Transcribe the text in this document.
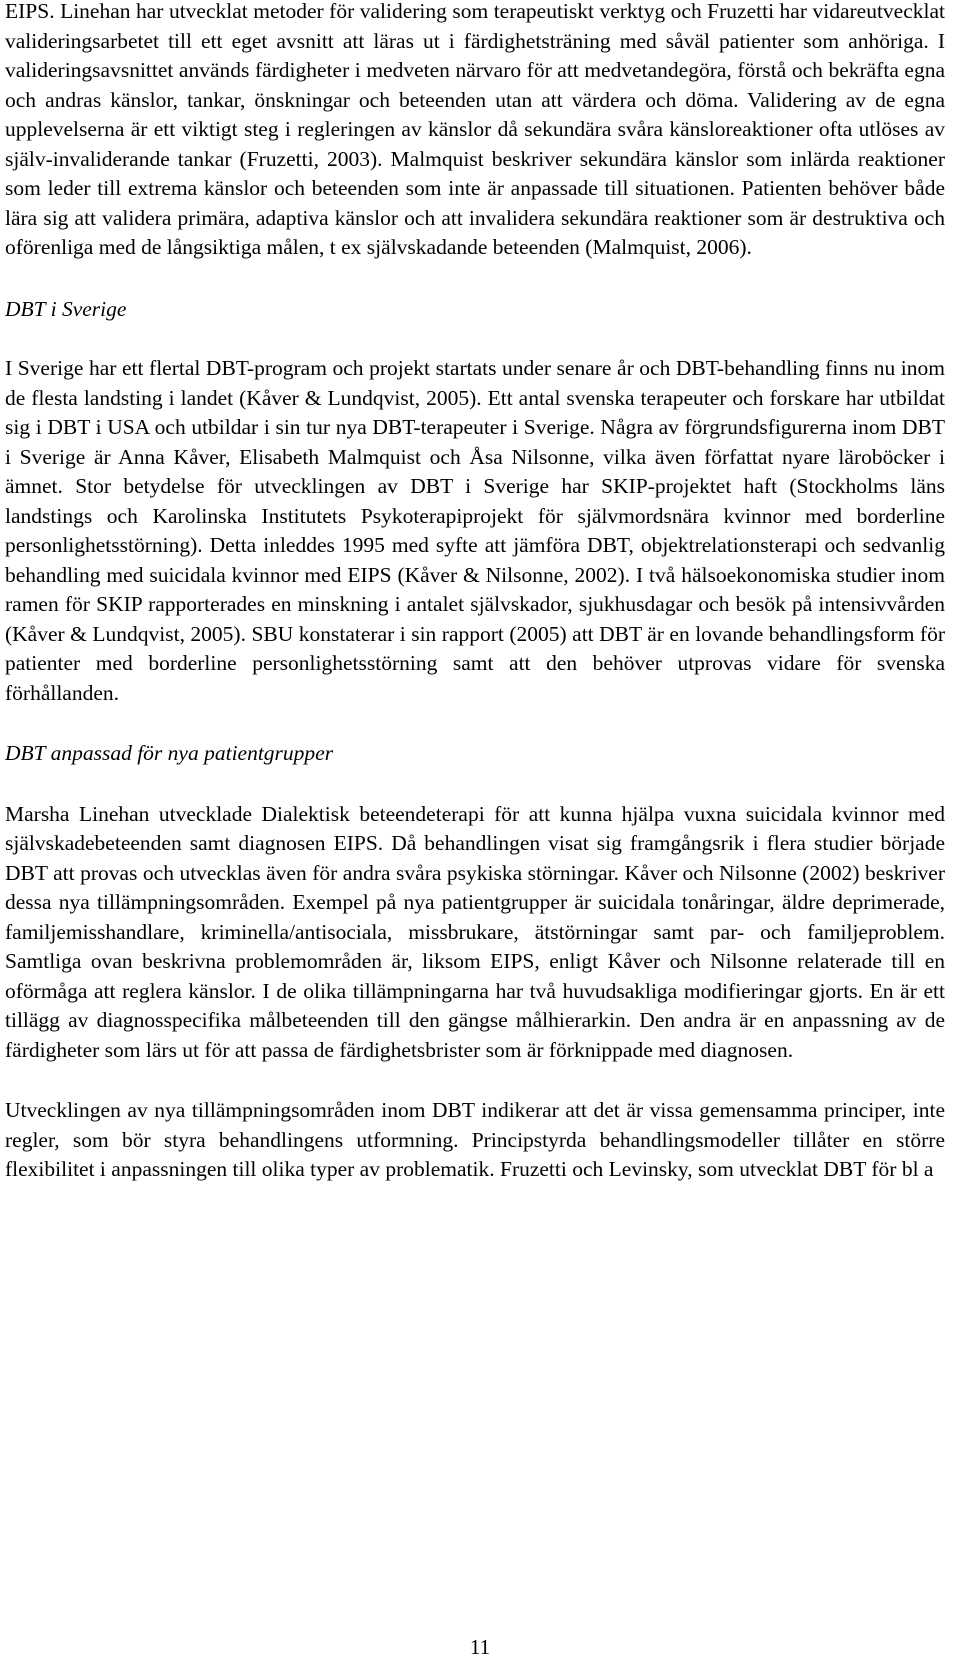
EIPS. Linehan har utvecklat metoder för validering som terapeutiskt verktyg och Fruzetti har vidareutvecklat valideringsarbetet till ett eget avsnitt att läras ut i färdighetsträning med såväl patienter som anhöriga. I valideringsavsnittet används färdigheter i medveten närvaro för att medvetandegöra, förstå och bekräfta egna och andras känslor, tankar, önskningar och beteenden utan att värdera och döma. Validering av de egna upplevelserna är ett viktigt steg i regleringen av känslor då sekundära svåra känsloreaktioner ofta utlöses av själv-invaliderande tankar (Fruzetti, 2003). Malmquist beskriver sekundära känslor som inlärda reaktioner som leder till extrema känslor och beteenden som inte är anpassade till situationen. Patienten behöver både lära sig att validera primära, adaptiva känslor och att invalidera sekundära reaktioner som är destruktiva och oförenliga med de långsiktiga målen, t ex självskadande beteenden (Malmquist, 2006).

DBT i Sverige

I Sverige har ett flertal DBT-program och projekt startats under senare år och DBT-behandling finns nu inom de flesta landsting i landet (Kåver & Lundqvist, 2005). Ett antal svenska terapeuter och forskare har utbildat sig i DBT i USA och utbildar i sin tur nya DBT-terapeuter i Sverige. Några av förgrundsfigurerna inom DBT i Sverige är Anna Kåver, Elisabeth Malmquist och Åsa Nilsonne, vilka även författat nyare läroböcker i ämnet. Stor betydelse för utvecklingen av DBT i Sverige har SKIP-projektet haft (Stockholms läns landstings och Karolinska Institutets Psykoterapiprojekt för självmordsnära kvinnor med borderline personlighetsstörning). Detta inleddes 1995 med syfte att jämföra DBT, objektrelationsterapi och sedvanlig behandling med suicidala kvinnor med EIPS (Kåver & Nilsonne, 2002). I två hälsoekonomiska studier inom ramen för SKIP rapporterades en minskning i antalet självskador, sjukhusdagar och besök på intensivvården (Kåver & Lundqvist, 2005). SBU konstaterar i sin rapport (2005) att DBT är en lovande behandlingsform för patienter med borderline personlighetsstörning samt att den behöver utprovas vidare för svenska förhållanden.

DBT anpassad för nya patientgrupper

Marsha Linehan utvecklade Dialektisk beteendeterapi för att kunna hjälpa vuxna suicidala kvinnor med självskadebeteenden samt diagnosen EIPS. Då behandlingen visat sig framgångsrik i flera studier började DBT att provas och utvecklas även för andra svåra psykiska störningar. Kåver och Nilsonne (2002) beskriver dessa nya tillämpningsområden. Exempel på nya patientgrupper är suicidala tonåringar, äldre deprimerade, familjemisshandlare, kriminella/antisociala, missbrukare, ätstörningar samt par- och familjeproblem. Samtliga ovan beskrivna problemområden är, liksom EIPS, enligt Kåver och Nilsonne relaterade till en oförmåga att reglera känslor. I de olika tillämpningarna har två huvudsakliga modifieringar gjorts. En är ett tillägg av diagnosspecifika målbeteenden till den gängse målhierarkin. Den andra är en anpassning av de färdigheter som lärs ut för att passa de färdighetsbrister som är förknippade med diagnosen.

Utvecklingen av nya tillämpningsområden inom DBT indikerar att det är vissa gemensamma principer, inte regler, som bör styra behandlingens utformning. Principstyrda behandlingsmodeller tillåter en större flexibilitet i anpassningen till olika typer av problematik. Fruzetti och Levinsky, som utvecklat DBT för bl a

11
